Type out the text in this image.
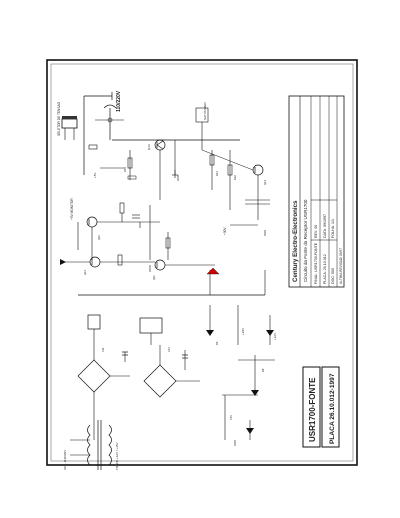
Century Electro-Electronics Circuito da Fonte do Receptor USR1700 FINAL: USR1700-FONTE
REV: 00
PLACA: 26.10.012
DATA: 09/1997
DOC: 500
FOLHA: 1/1
ULTIMA REVISAO: 09/97
USR1700-FONTE PLACA 26.10.012-1997
SELETOR DE TENSAO
110/220V
Q13
+5V MONITOR
+30V
SAT POWER
+12V
+18V
TRAFO +12V / +15V
AC ~ 110/220V
R15
Q10
Q11
Q12
R21
R22
Q14
C11	C12
D5
D6
C15
+5V
